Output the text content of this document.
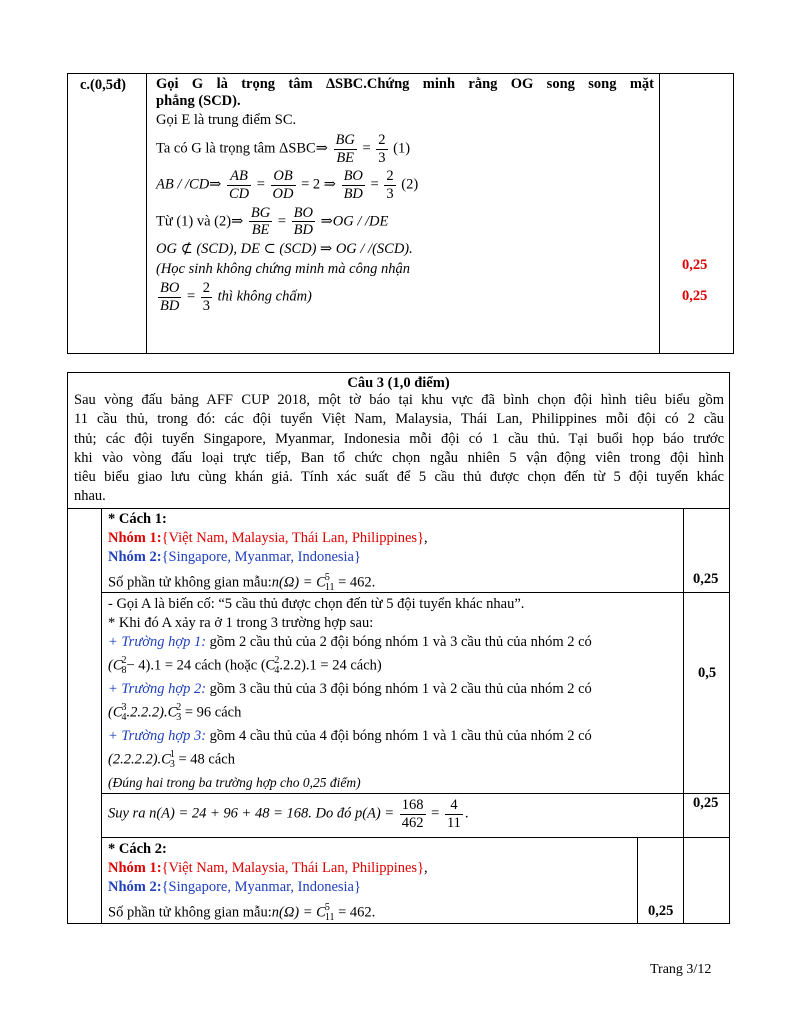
c.(0,5đ) Gọi G là trọng tâm ΔSBC.Chứng minh rằng OG song song mặt
phẳng (SCD).
Gọi E là trung điểm SC.
Ta có G là trọng tâm ΔSBC⇒ $\frac{BG}{BE} = \frac{2}{3} (1)$
AB / /CD⇒ $\frac{AB}{CD} = \frac{OB}{OD} = 2$ ⇒ $\frac{BO}{BD} = \frac{2}{3} (2)$
Từ (1) và (2)⇒ $\frac{BG}{BE} = \frac{BO}{BD}$ ⇒OG / /DE
OG ⊄ (SCD), DE ⊂ (SCD) ⇒ OG / /(SCD).
(Học sinh không chứng minh mà công nhận
$\frac{BO}{BD} = \frac{2}{3}$ thì không chấm)
0,25
0,25
Câu 3 (1,0 điểm)
Sau vòng đấu bảng AFF CUP 2018, một tờ báo tại khu vực đã bình chọn đội hình tiêu biểu gồm
11 cầu thủ, trong đó: các đội tuyển Việt Nam, Malaysia, Thái Lan, Philippines mỗi đội có 2 cầu
thủ; các đội tuyển Singapore, Myanmar, Indonesia mỗi đội có 1 cầu thủ. Tại buổi họp báo trước
khi vào vòng đấu loại trực tiếp, Ban tổ chức chọn ngẫu nhiên 5 vận động viên trong đội hình
tiêu biểu giao lưu cùng khán giả. Tính xác suất để 5 cầu thủ được chọn đến từ 5 đội tuyển khác
nhau.
* Cách 1:
Nhóm 1:{Việt Nam, Malaysia, Thái Lan, Philippines},
Nhóm 2:{Singapore, Myanmar, Indonesia}
Số phần tử không gian mẫu:n(Ω) = C 5
11 = 462.	0,25
- Gọi A là biến cố: “5 cầu thủ được chọn đến từ 5 đội tuyển khác nhau”.
* Khi đó A xảy ra ở 1 trong 3 trường hợp sau:
+ Trường hợp 1: gồm 2 cầu thủ của 2 đội bóng nhóm 1 và 3 cầu thủ của nhóm 2 có
(C 2
8 − 4).1 = 24 cách (hoặc (C 2
4 .2.2).1 = 24 cách)
+ Trường hợp 2: gồm 3 cầu thủ của 3 đội bóng nhóm 1 và 2 cầu thủ của nhóm 2 có
(C 3
4 .2.2.2).C 2
3 = 96 cách
+ Trường hợp 3: gồm 4 cầu thủ của 4 đội bóng nhóm 1 và 1 cầu thủ của nhóm 2 có
(2.2.2.2).C 1
3 = 48 cách
(Đúng hai trong ba trường hợp cho 0,25 điểm)
0,5
Suy ra n(A) = 24 + 96 + 48 = 168. Do đó $p(A) = \frac{168}{462} = \frac{4}{11}$ .
0,25
* Cách 2:
Nhóm 1:{Việt Nam, Malaysia, Thái Lan, Philippines},
Nhóm 2:{Singapore, Myanmar, Indonesia}
Số phần tử không gian mẫu:n(Ω) = C 5
11 = 462.	0,25
Trang 3/12
